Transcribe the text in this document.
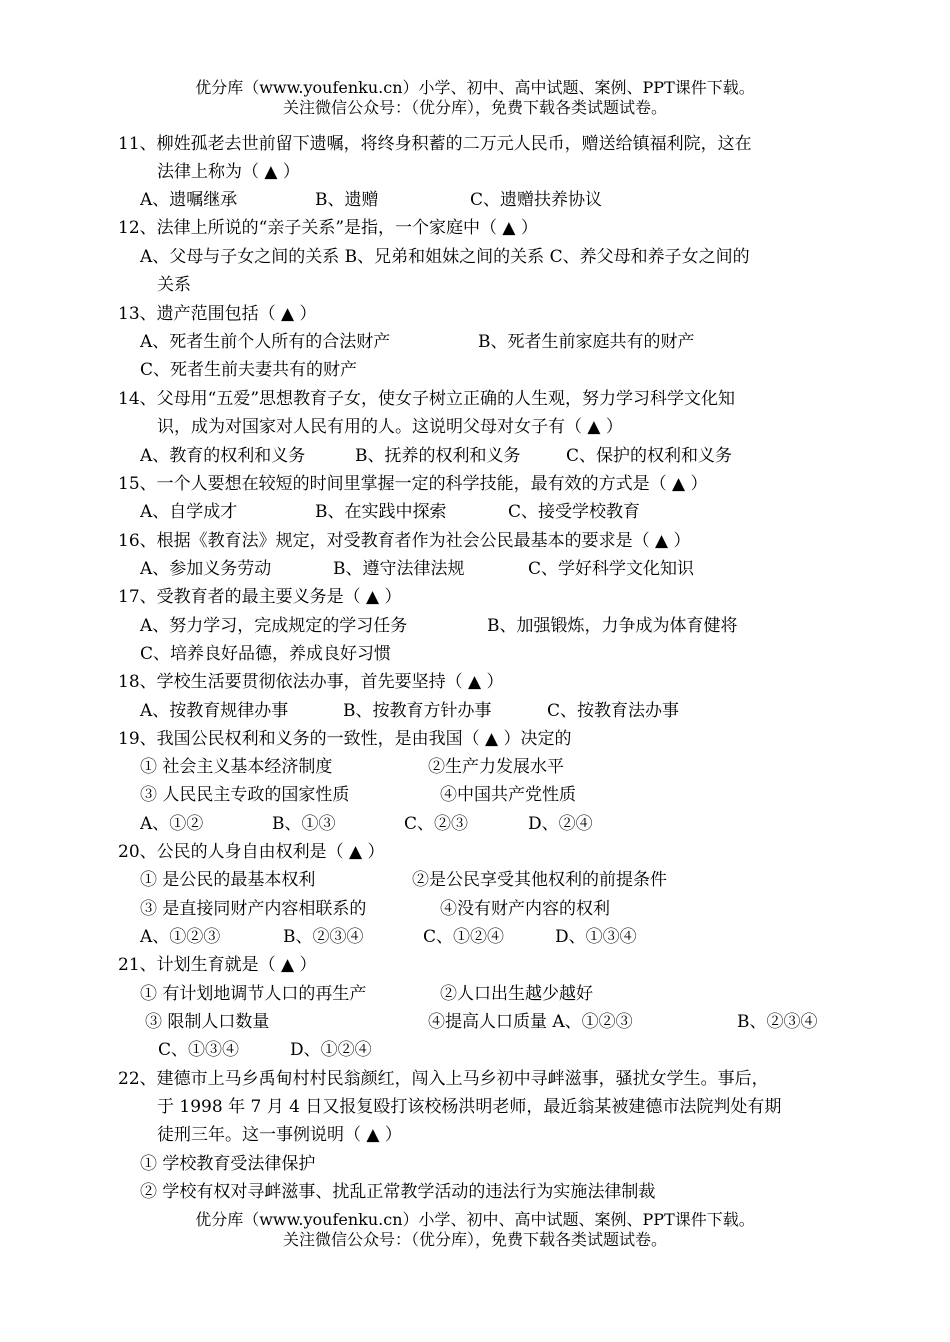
优分库（www.youfenku.cn）小学、初中、高中试题、案例、PPT课件下载。
关注微信公众号：（优分库），免费下载各类试题试卷。
11、柳姓孤老去世前留下遗嘱，将终身积蓄的二万元人民币，赠送给镇福利院，这在
法律上称为（ ▲ ）
A、遗嘱继承	B、遗赠	C、遗赠扶养协议
12、法律上所说的“亲子关系”是指，一个家庭中（ ▲ ）
A、父母与子女之间的关系 B、兄弟和姐妹之间的关系 C、养父母和养子女之间的
关系
13、遗产范围包括（ ▲ ）
A、死者生前个人所有的合法财产	B、死者生前家庭共有的财产
C、死者生前夫妻共有的财产
14、父母用“五爱”思想教育子女，使女子树立正确的人生观，努力学习科学文化知
识，成为对国家对人民有用的人。这说明父母对女子有（ ▲ ）
A、教育的权利和义务	B、抚养的权利和义务	C、保护的权利和义务
15、一个人要想在较短的时间里掌握一定的科学技能，最有效的方式是（ ▲ ）
A、自学成才	B、在实践中探索	C、接受学校教育
16、根据《教育法》规定，对受教育者作为社会公民最基本的要求是（ ▲ ）
A、参加义务劳动	B、遵守法律法规	C、学好科学文化知识
17、受教育者的最主要义务是（ ▲ ）
A、努力学习，完成规定的学习任务	B、加强锻炼，力争成为体育健将
C、培养良好品德，养成良好习惯
18、学校生活要贯彻依法办事，首先要坚持（ ▲ ）
A、按教育规律办事	B、按教育方针办事	C、按教育法办事
19、我国公民权利和义务的一致性，是由我国（ ▲ ）决定的
① 社会主义基本经济制度	②生产力发展水平
③ 人民民主专政的国家性质	④中国共产党性质
A、①②	B、①③	C、②③	D、②④
20、公民的人身自由权利是（ ▲ ）
① 是公民的最基本权利	②是公民享受其他权利的前提条件
③ 是直接同财产内容相联系的	④没有财产内容的权利
A、①②③	B、②③④	C、①②④	D、①③④
21、计划生育就是（ ▲ ）
① 有计划地调节人口的再生产	②人口出生越少越好
③ 限制人口数量	④提高人口质量 A、①②③	B、②③④
C、①③④	D、①②④
22、建德市上马乡禹甸村村民翁颜红，闯入上马乡初中寻衅滋事，骚扰女学生。事后，
于 1998 年 7 月 4 日又报复殴打该校杨洪明老师，最近翁某被建德市法院判处有期
徒刑三年。这一事例说明（ ▲ ）
① 学校教育受法律保护
② 学校有权对寻衅滋事、扰乱正常教学活动的违法行为实施法律制裁
优分库（www.youfenku.cn）小学、初中、高中试题、案例、PPT课件下载。
关注微信公众号：（优分库），免费下载各类试题试卷。
